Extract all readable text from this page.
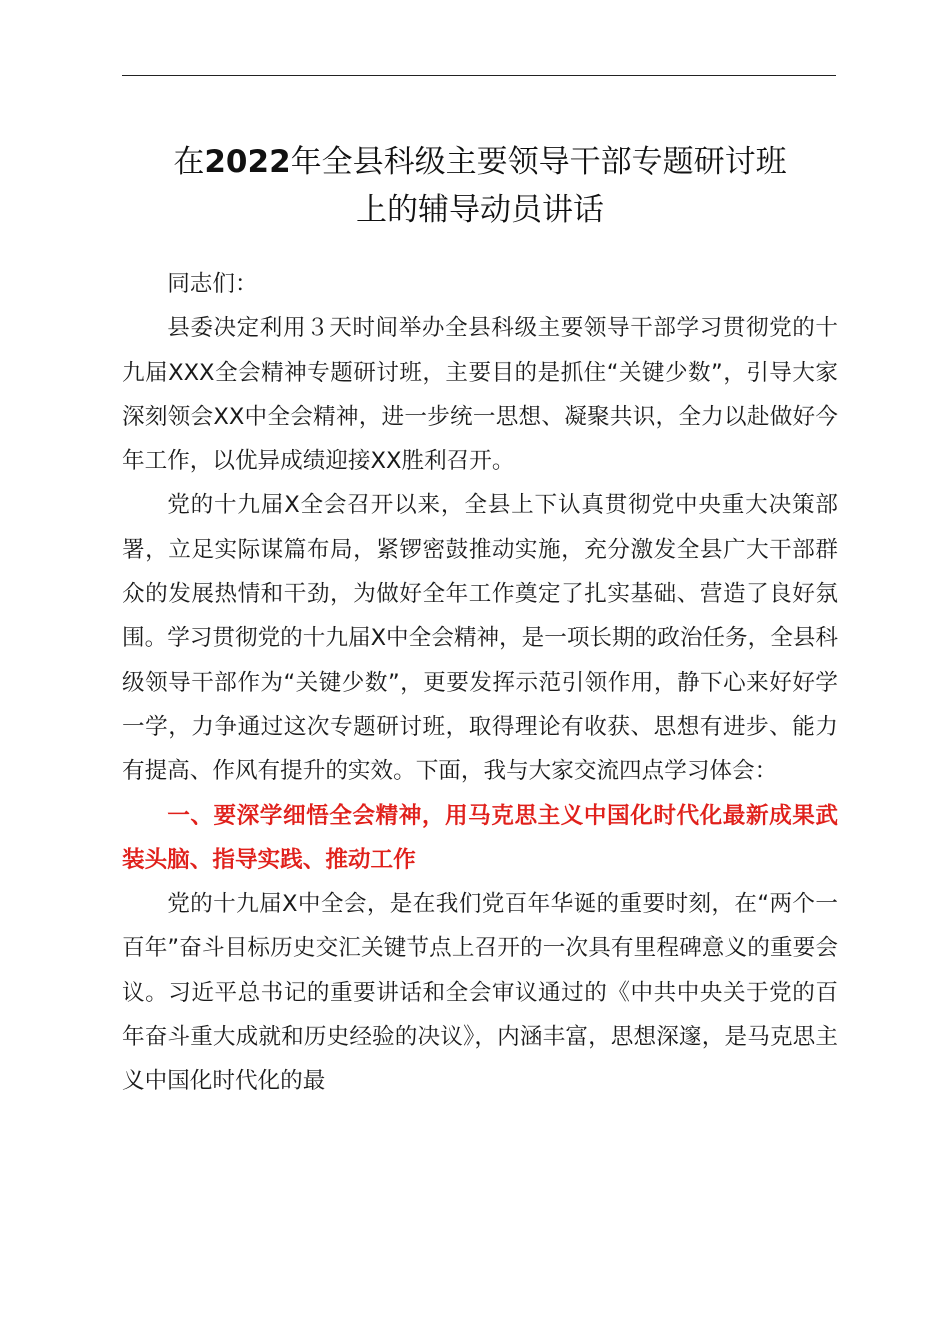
在2022年全县科级主要领导干部专题研讨班
上的辅导动员讲话

同志们：

县委决定利用３天时间举办全县科级主要领导干部学习贯彻党的十九届XXX全会精神专题研讨班，主要目的是抓住“关键少数”，引导大家深刻领会XX中全会精神，进一步统一思想、凝聚共识，全力以赴做好今年工作，以优异成绩迎接XX胜利召开。

党的十九届X全会召开以来，全县上下认真贯彻党中央重大决策部署，立足实际谋篇布局，紧锣密鼓推动实施，充分激发全县广大干部群众的发展热情和干劲，为做好全年工作奠定了扎实基础、营造了良好氛围。学习贯彻党的十九届X中全会精神，是一项长期的政治任务，全县科级领导干部作为“关键少数”，更要发挥示范引领作用，静下心来好好学一学，力争通过这次专题研讨班，取得理论有收获、思想有进步、能力有提高、作风有提升的实效。下面，我与大家交流四点学习体会：

一、要深学细悟全会精神，用马克思主义中国化时代化最新成果武装头脑、指导实践、推动工作

党的十九届X中全会，是在我们党百年华诞的重要时刻，在“两个一百年”奋斗目标历史交汇关键节点上召开的一次具有里程碑意义的重要会议。习近平总书记的重要讲话和全会审议通过的《中共中央关于党的百年奋斗重大成就和历史经验的决议》，内涵丰富，思想深邃，是马克思主义中国化时代化的最
